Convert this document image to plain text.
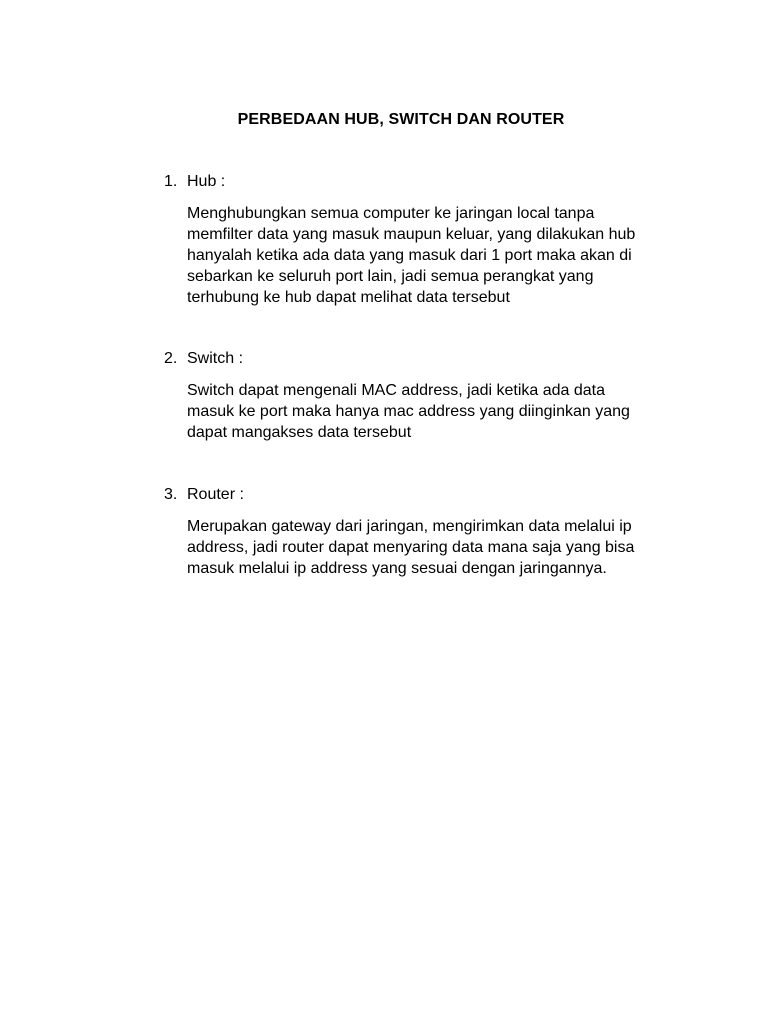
PERBEDAAN HUB, SWITCH DAN ROUTER
1. Hub :
Menghubungkan semua computer ke jaringan local tanpa
memfilter data yang masuk maupun keluar, yang dilakukan hub
hanyalah ketika ada data yang masuk dari 1 port maka akan di
sebarkan ke seluruh port lain, jadi semua perangkat yang
terhubung ke hub dapat melihat data tersebut
2. Switch :
Switch dapat mengenali MAC address, jadi ketika ada data
masuk ke port maka hanya mac address yang diinginkan yang
dapat mangakses data tersebut
3. Router :
Merupakan gateway dari jaringan, mengirimkan data melalui ip
address, jadi router dapat menyaring data mana saja yang bisa
masuk melalui ip address yang sesuai dengan jaringannya.
